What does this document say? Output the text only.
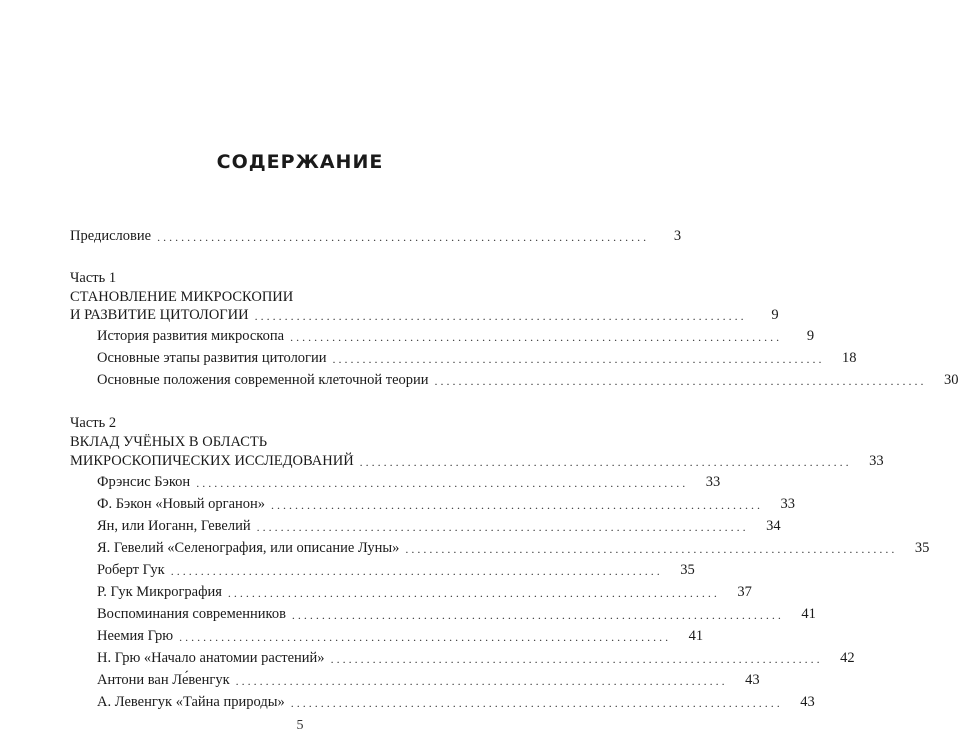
СОДЕРЖАНИЕ
Предисловие ..................................................................................	3
Часть 1
СТАНОВЛЕНИЕ МИКРОСКОПИИ
И РАЗВИТИЕ ЦИТОЛОГИИ ..................................................................................	9
История развития микроскопа ..................................................................................	9
Основные этапы развития цитологии ..................................................................................	18
Основные положения современной клеточной теории ..................................................................................	30
Часть 2
ВКЛАД УЧЁНЫХ В ОБЛАСТЬ
МИКРОСКОПИЧЕСКИХ ИССЛЕДОВАНИЙ ..................................................................................	33
Фрэнсис Бэкон ..................................................................................	33
Ф. Бэкон «Новый органон» ..................................................................................	33
Ян, или Иоганн, Гевелий ..................................................................................	34
Я. Гевелий «Селенография, или описание Луны» ..................................................................................	35
Роберт Гук ..................................................................................	35
Р. Гук Микрография ..................................................................................	37
Воспоминания современников ..................................................................................	41
Неемия Грю ..................................................................................	41
Н. Грю «Начало анатомии растений» ..................................................................................	42
Антони ван Ле́венгук ..................................................................................	43
А. Левенгук «Тайна природы» ..................................................................................	43
5
